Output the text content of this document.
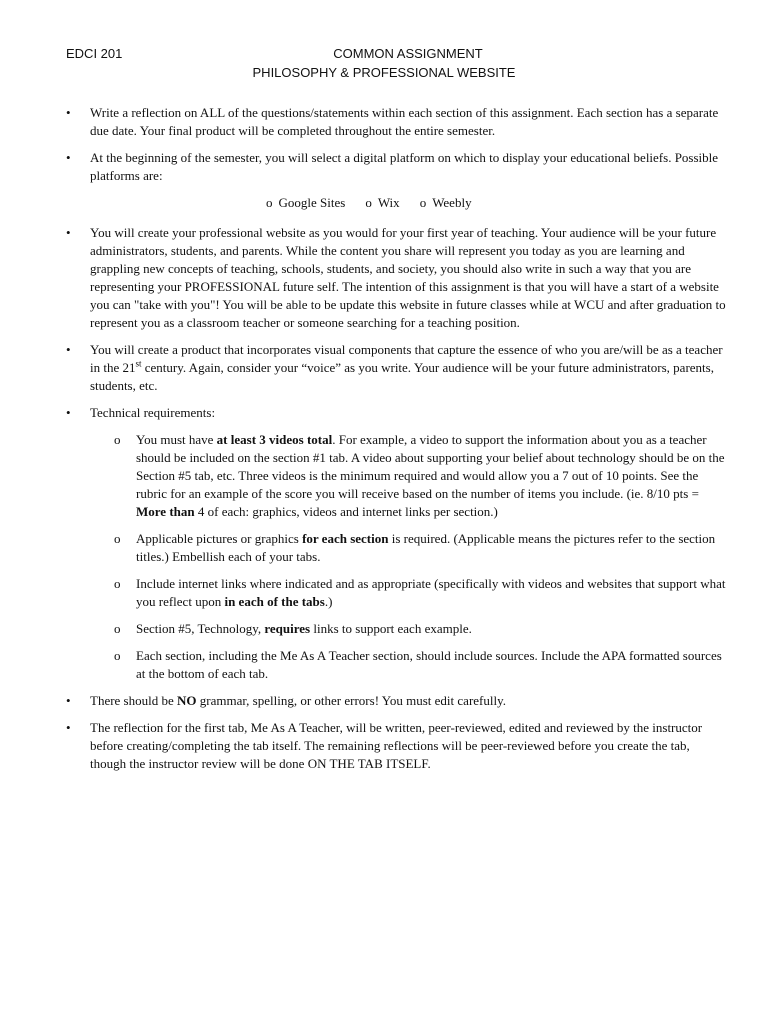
EDCI 201	COMMON ASSIGNMENT
PHILOSOPHY & PROFESSIONAL WEBSITE
• Write a reflection on ALL of the questions/statements within each section of this assignment. Each section has a separate due date. Your final product will be completed throughout the entire semester.
• At the beginning of the semester, you will select a digital platform on which to display your educational beliefs. Possible platforms are:
o Google Sites o Wix o Weebly
• You will create your professional website as you would for your first year of teaching. Your audience will be your future administrators, students, and parents. While the content you share will represent you today as you are learning and grappling new concepts of teaching, schools, students, and society, you should also write in such a way that you are representing your PROFESSIONAL future self. The intention of this assignment is that you will have a start of a website you can "take with you"! You will be able to be update this website in future classes while at WCU and after graduation to represent you as a classroom teacher or someone searching for a teaching position.
• You will create a product that incorporates visual components that capture the essence of who you are/will be as a teacher in the 21st century. Again, consider your “voice” as you write. Your audience will be your future administrators, parents, students, etc.
• Technical requirements:
o You must have at least 3 videos total. For example, a video to support the information about you as a teacher should be included on the section #1 tab. A video about supporting your belief about technology should be on the Section #5 tab, etc. Three videos is the minimum required and would allow you a 7 out of 10 points. See the rubric for an example of the score you will receive based on the number of items you include. (ie. 8/10 pts = More than 4 of each: graphics, videos and internet links per section.)
o Applicable pictures or graphics for each section is required. (Applicable means the pictures refer to the section titles.) Embellish each of your tabs.
o Include internet links where indicated and as appropriate (specifically with videos and websites that support what you reflect upon in each of the tabs.)
o Section #5, Technology, requires links to support each example.
o Each section, including the Me As A Teacher section, should include sources. Include the APA formatted sources at the bottom of each tab.
• There should be NO grammar, spelling, or other errors! You must edit carefully.
• The reflection for the first tab, Me As A Teacher, will be written, peer-reviewed, edited and reviewed by the instructor before creating/completing the tab itself. The remaining reflections will be peer-reviewed before you create the tab, though the instructor review will be done ON THE TAB ITSELF.
